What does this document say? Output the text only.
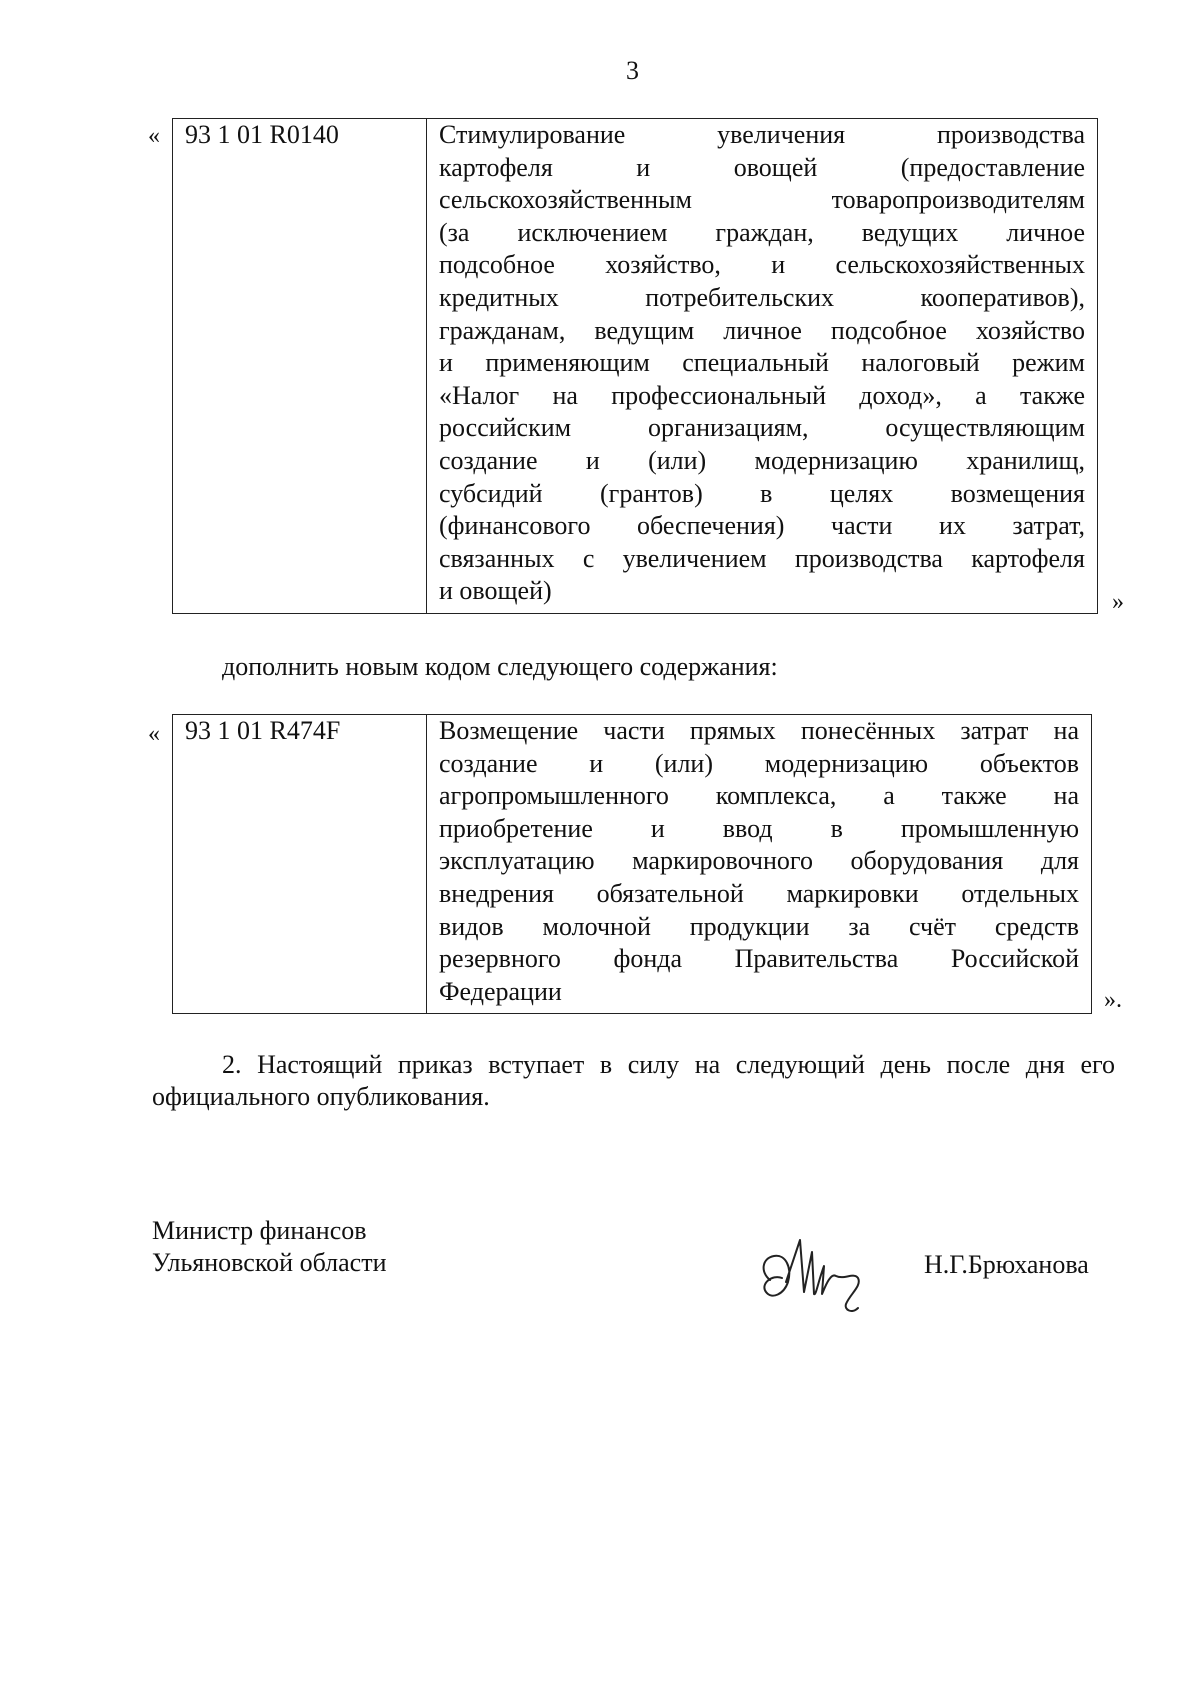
3
« 93 1 01 R0140	Стимулирование увеличения производства
картофеля и овощей (предоставление
сельскохозяйственным товаропроизводителям
(за исключением граждан, ведущих личное
подсобное хозяйство, и сельскохозяйственных
кредитных потребительских кооперативов),
гражданам, ведущим личное подсобное хозяйство
и применяющим специальный налоговый режим
«Налог на профессиональный доход», а также
российским организациям, осуществляющим
создание и (или) модернизацию хранилищ,
субсидий (грантов) в целях возмещения
(финансового обеспечения) части их затрат,
связанных с увеличением производства картофеля
и овощей)	»
дополнить новым кодом следующего содержания:
« 93 1 01 R474F	Возмещение части прямых понесённых затрат на
создание и (или) модернизацию объектов
агропромышленного комплекса, а также на
приобретение и ввод в промышленную
эксплуатацию маркировочного оборудования для
внедрения обязательной маркировки отдельных
видов молочной продукции за счёт средств
резервного фонда Правительства Российской
Федерации	».
2. Настоящий приказ вступает в силу на следующий день после дня его
официального опубликования.
Министр финансов
Ульяновской области	Н.Г.Брюханова
